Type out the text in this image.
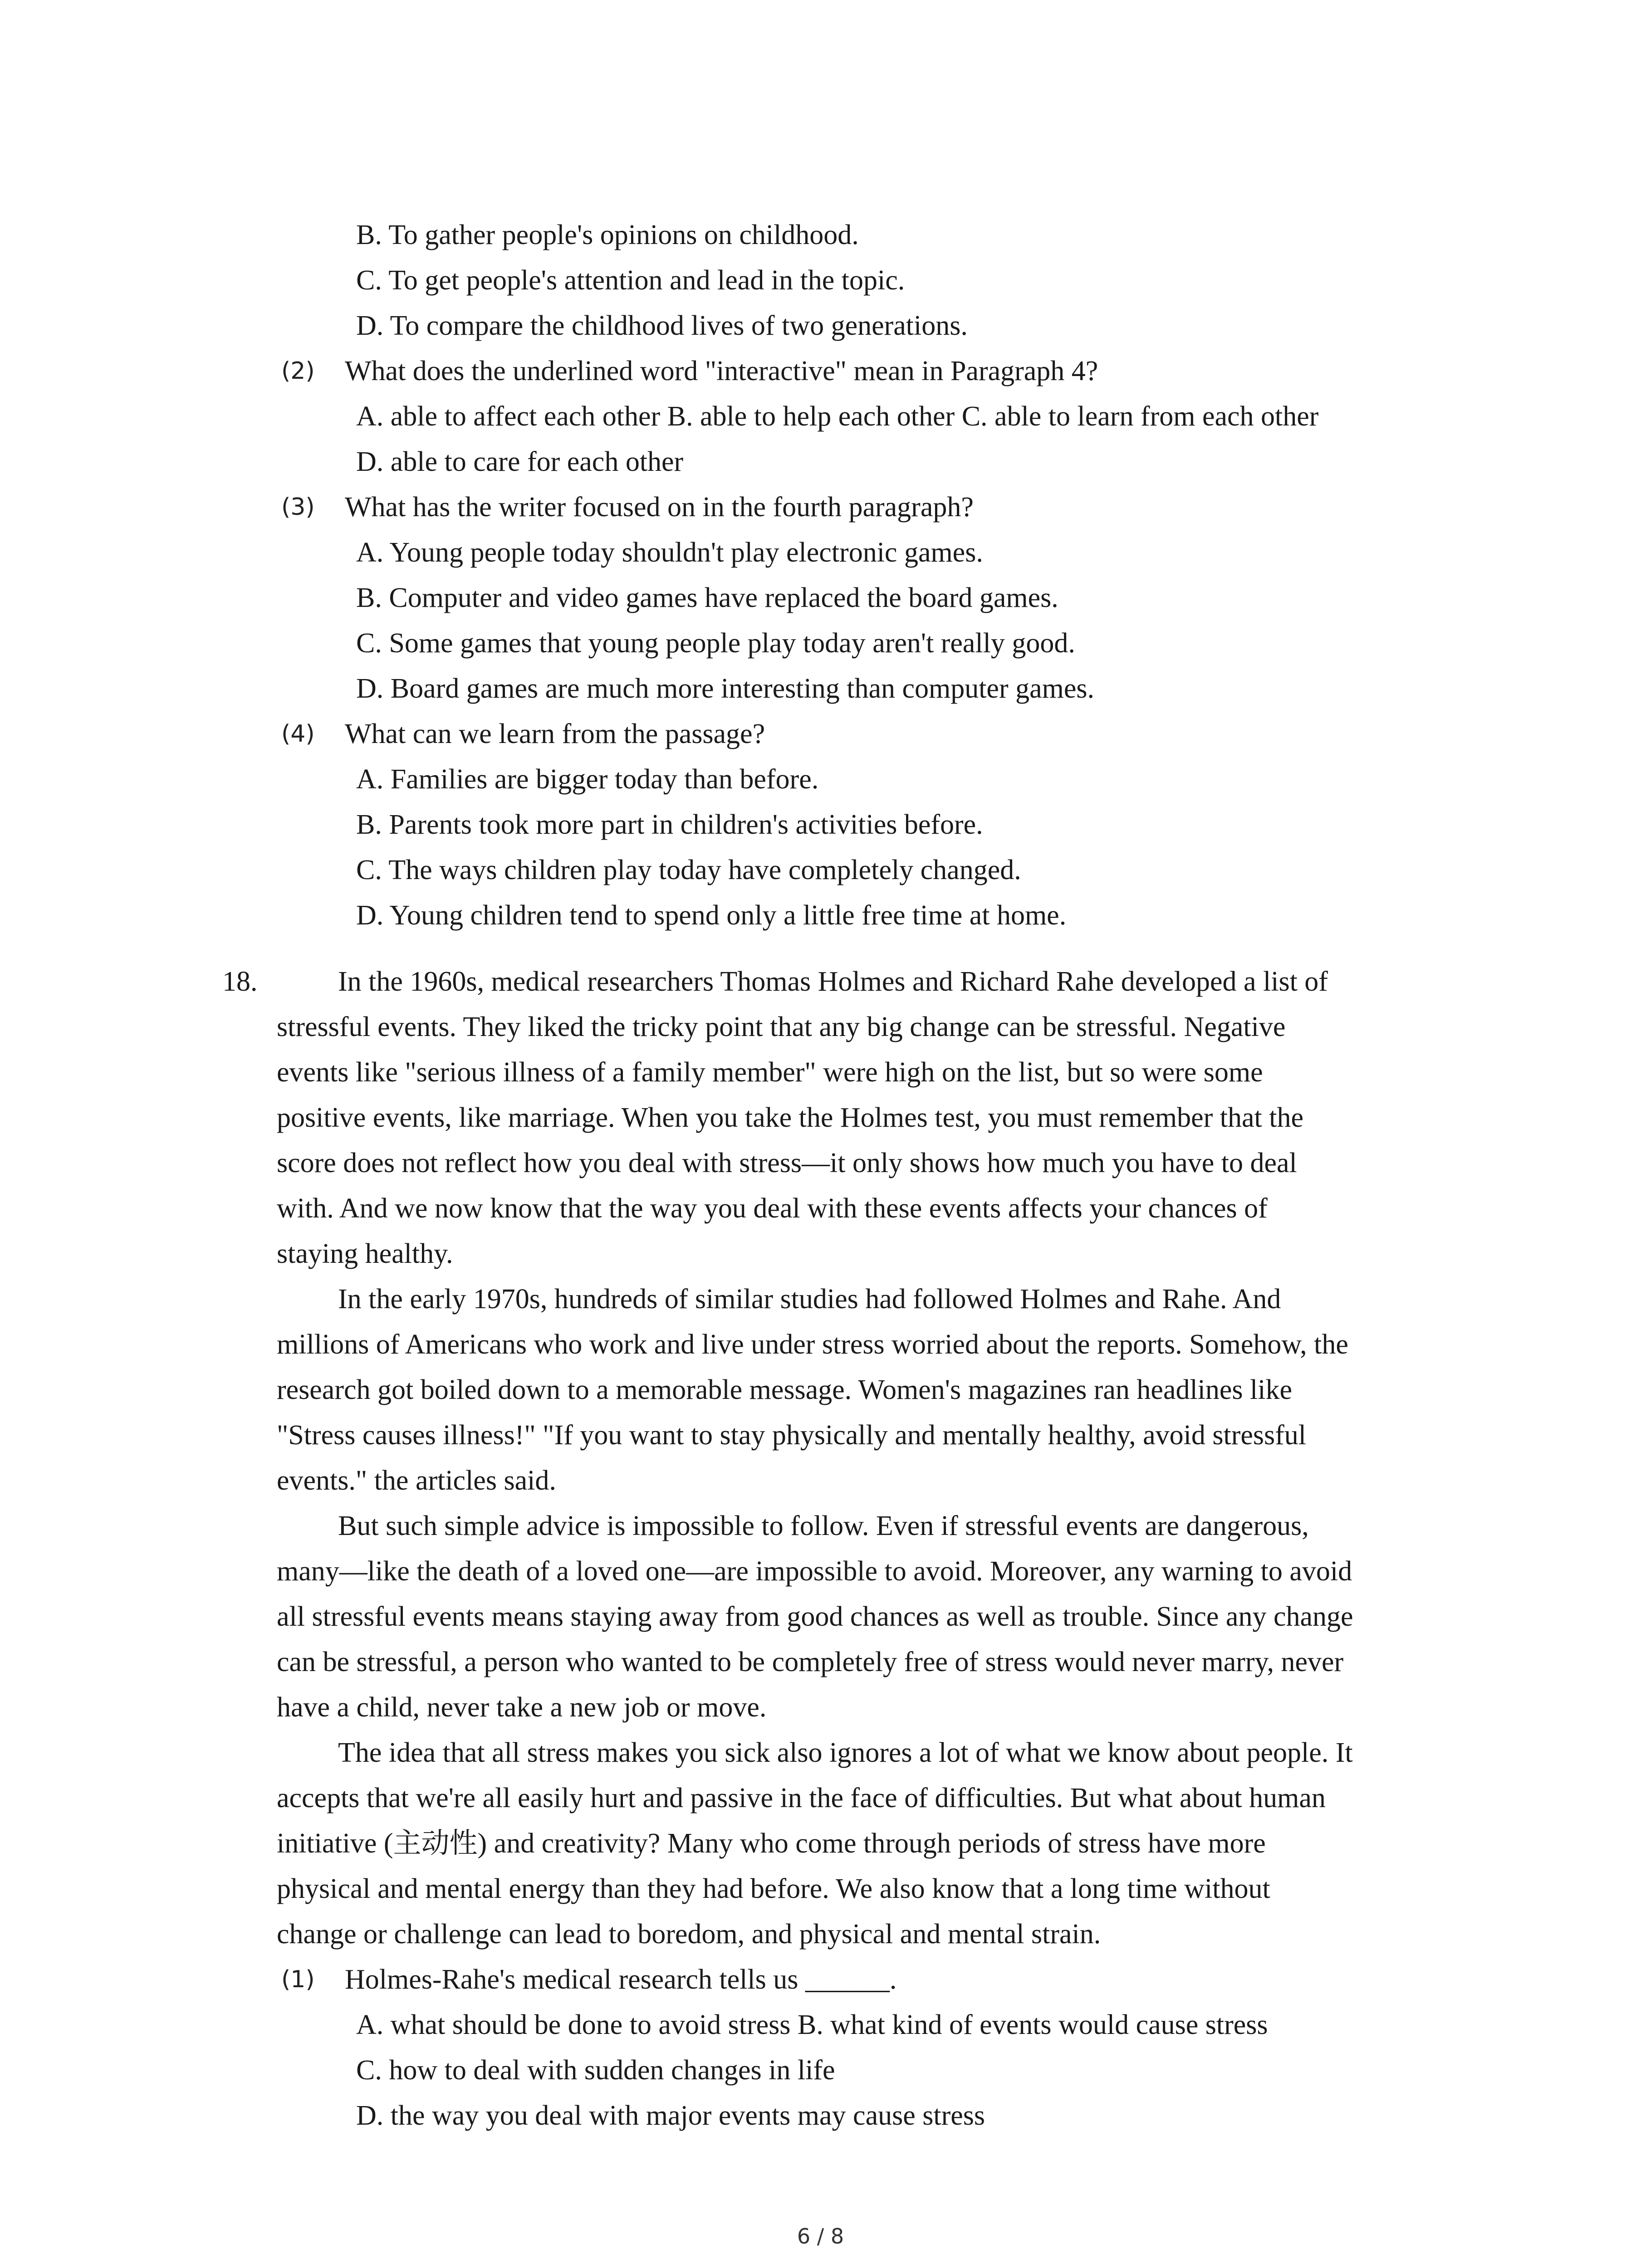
B. To gather people's opinions on childhood.
C. To get people's attention and lead in the topic.
D. To compare the childhood lives of two generations.
(2) What does the underlined word "interactive" mean in Paragraph 4?
A. able to affect each other B. able to help each other C. able to learn from each other
D. able to care for each other
(3) What has the writer focused on in the fourth paragraph?
A. Young people today shouldn't play electronic games.
B. Computer and video games have replaced the board games.
C. Some games that young people play today aren't really good.
D. Board games are much more interesting than computer games.
(4) What can we learn from the passage?
A. Families are bigger today than before.
B. Parents took more part in children's activities before.
C. The ways children play today have completely changed.
D. Young children tend to spend only a little free time at home.
18.	In the 1960s, medical researchers Thomas Holmes and Richard Rahe developed a list of
stressful events. They liked the tricky point that any big change can be stressful. Negative
events like "serious illness of a family member" were high on the list, but so were some
positive events, like marriage. When you take the Holmes test, you must remember that the
score does not reflect how you deal with stress—it only shows how much you have to deal
with. And we now know that the way you deal with these events affects your chances of
staying healthy.
In the early 1970s, hundreds of similar studies had followed Holmes and Rahe. And
millions of Americans who work and live under stress worried about the reports. Somehow, the
research got boiled down to a memorable message. Women's magazines ran headlines like
"Stress causes illness!" "If you want to stay physically and mentally healthy, avoid stressful
events." the articles said.
But such simple advice is impossible to follow. Even if stressful events are dangerous,
many—like the death of a loved one—are impossible to avoid. Moreover, any warning to avoid
all stressful events means staying away from good chances as well as trouble. Since any change
can be stressful, a person who wanted to be completely free of stress would never marry, never
have a child, never take a new job or move.
The idea that all stress makes you sick also ignores a lot of what we know about people. It
accepts that we're all easily hurt and passive in the face of difficulties. But what about human
initiative (主动性) and creativity? Many who come through periods of stress have more
physical and mental energy than they had before. We also know that a long time without
change or challenge can lead to boredom, and physical and mental strain.
(1) Holmes-Rahe's medical research tells us ______.
A. what should be done to avoid stress B. what kind of events would cause stress
C. how to deal with sudden changes in life
D. the way you deal with major events may cause stress
6 / 8
